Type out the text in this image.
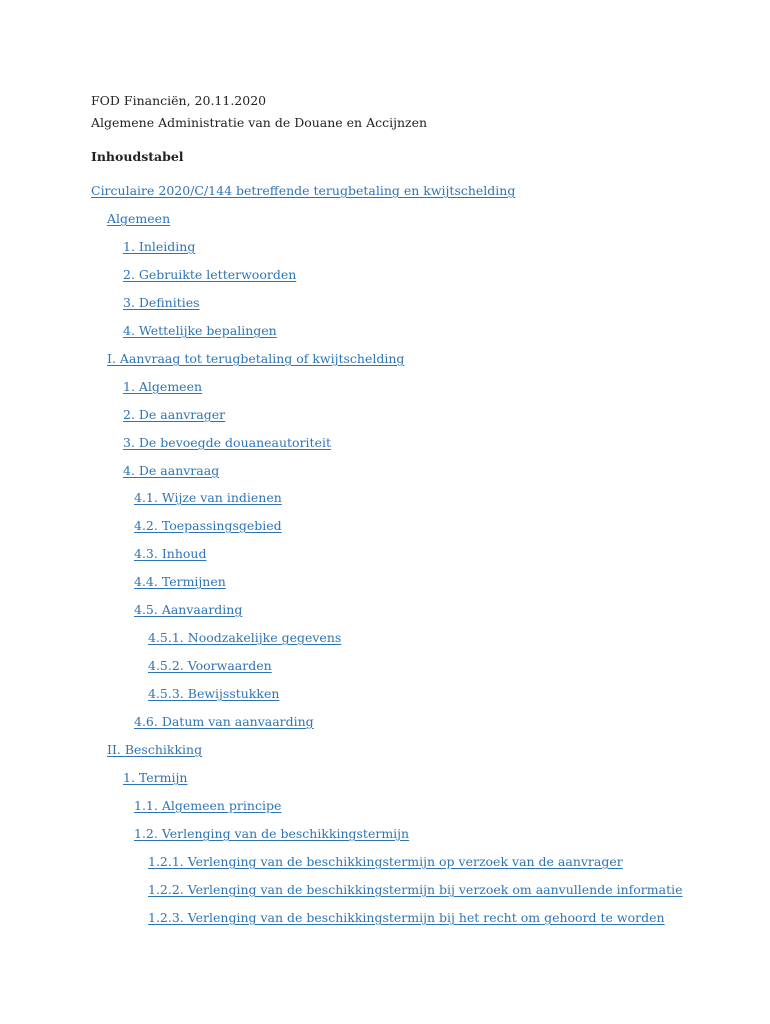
FOD Financiën, 20.11.2020
Algemene Administratie van de Douane en Accijnzen
Inhoudstabel
Circulaire 2020/C/144 betreffende terugbetaling en kwijtschelding
Algemeen
1. Inleiding
2. Gebruikte letterwoorden
3. Definities
4. Wettelijke bepalingen
I. Aanvraag tot terugbetaling of kwijtschelding
1. Algemeen
2. De aanvrager
3. De bevoegde douaneautoriteit
4. De aanvraag
4.1. Wijze van indienen
4.2. Toepassingsgebied
4.3. Inhoud
4.4. Termijnen
4.5. Aanvaarding
4.5.1. Noodzakelijke gegevens
4.5.2. Voorwaarden
4.5.3. Bewijsstukken
4.6. Datum van aanvaarding
II. Beschikking
1. Termijn
1.1. Algemeen principe
1.2. Verlenging van de beschikkingstermijn
1.2.1. Verlenging van de beschikkingstermijn op verzoek van de aanvrager
1.2.2. Verlenging van de beschikkingstermijn bij verzoek om aanvullende informatie
1.2.3. Verlenging van de beschikkingstermijn bij het recht om gehoord te worden
